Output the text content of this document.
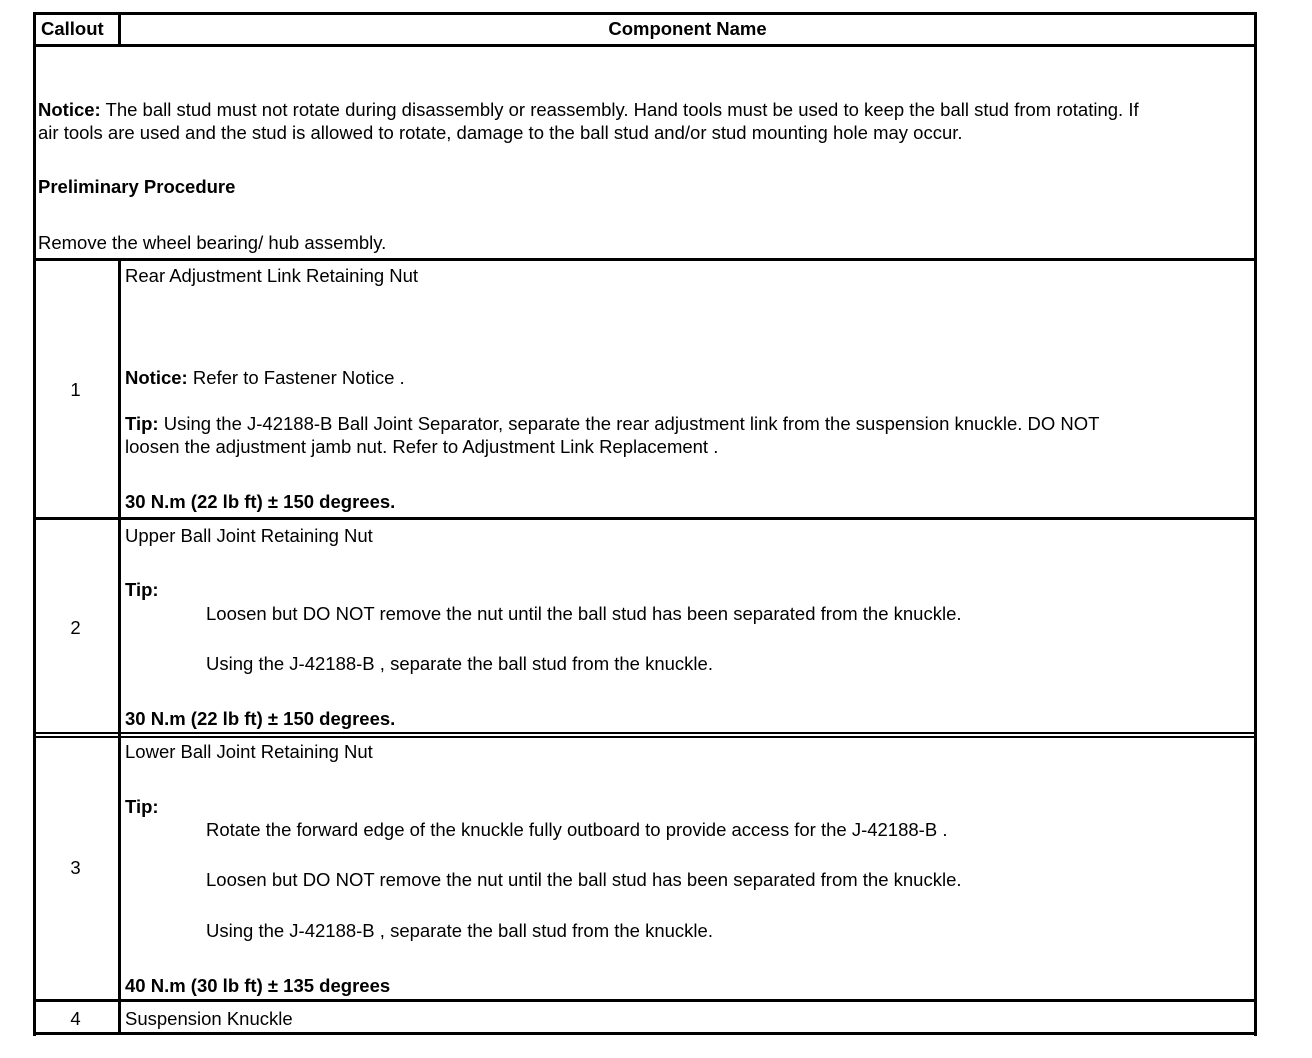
Callout	Component Name
Notice: The ball stud must not rotate during disassembly or reassembly. Hand tools must be used to keep the ball stud from rotating. If
air tools are used and the stud is allowed to rotate, damage to the ball stud and/or stud mounting hole may occur.
Preliminary Procedure
Remove the wheel bearing/ hub assembly.
1
Rear Adjustment Link Retaining Nut
Notice: Refer to Fastener Notice .
Tip: Using the J-42188-B Ball Joint Separator, separate the rear adjustment link from the suspension knuckle. DO NOT
loosen the adjustment jamb nut. Refer to Adjustment Link Replacement .
30 N.m (22 lb ft) ± 150 degrees.
2
Upper Ball Joint Retaining Nut
Tip:
Loosen but DO NOT remove the nut until the ball stud has been separated from the knuckle.
Using the J-42188-B , separate the ball stud from the knuckle.
30 N.m (22 lb ft) ± 150 degrees.
3
Lower Ball Joint Retaining Nut
Tip:
Rotate the forward edge of the knuckle fully outboard to provide access for the J-42188-B .
Loosen but DO NOT remove the nut until the ball stud has been separated from the knuckle.
Using the J-42188-B , separate the ball stud from the knuckle.
40 N.m (30 lb ft) ± 135 degrees
4	Suspension Knuckle
